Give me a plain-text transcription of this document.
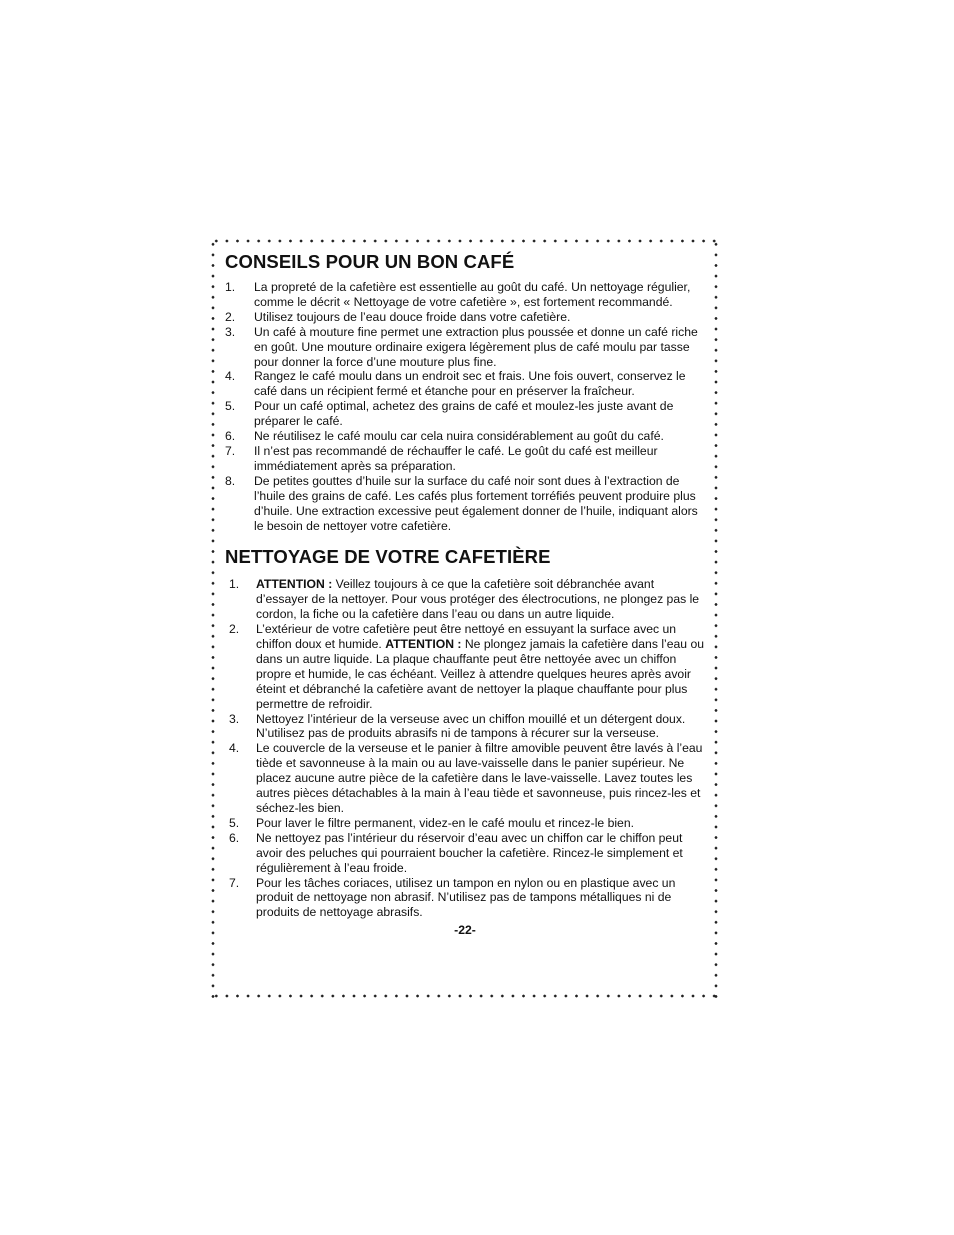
CONSEILS POUR UN BON CAFÉ
1. La propreté de la cafetière est essentielle au goût du café. Un nettoyage régulier, comme le décrit « Nettoyage de votre cafetière », est fortement recommandé.
2. Utilisez toujours de l’eau douce froide dans votre cafetière.
3. Un café à mouture fine permet une extraction plus poussée et donne un café riche en goût. Une mouture ordinaire exigera légèrement plus de café moulu par tasse pour donner la force d’une mouture plus fine.
4. Rangez le café moulu dans un endroit sec et frais. Une fois ouvert, conservez le café dans un récipient fermé et étanche pour en préserver la fraîcheur.
5. Pour un café optimal, achetez des grains de café et moulez-les juste avant de préparer le café.
6. Ne réutilisez le café moulu car cela nuira considérablement au goût du café.
7. Il n’est pas recommandé de réchauffer le café. Le goût du café est meilleur immédiatement après sa préparation.
8. De petites gouttes d’huile sur la surface du café noir sont dues à l’extraction de l’huile des grains de café. Les cafés plus fortement torréfiés peuvent produire plus d’huile. Une extraction excessive peut également donner de l’huile, indiquant alors le besoin de nettoyer votre cafetière.
NETTOYAGE DE VOTRE CAFETIÈRE
1. ATTENTION : Veillez toujours à ce que la cafetière soit débranchée avant d’essayer de la nettoyer. Pour vous protéger des électrocutions, ne plongez pas le cordon, la fiche ou la cafetière dans l’eau ou dans un autre liquide.
2. L’extérieur de votre cafetière peut être nettoyé en essuyant la surface avec un chiffon doux et humide. ATTENTION : Ne plongez jamais la cafetière dans l’eau ou dans un autre liquide. La plaque chauffante peut être nettoyée avec un chiffon propre et humide, le cas échéant. Veillez à attendre quelques heures après avoir éteint et débranché la cafetière avant de nettoyer la plaque chauffante pour plus permettre de refroidir.
3. Nettoyez l’intérieur de la verseuse avec un chiffon mouillé et un détergent doux. N’utilisez pas de produits abrasifs ni de tampons à récurer sur la verseuse.
4. Le couvercle de la verseuse et le panier à filtre amovible peuvent être lavés à l’eau tiède et savonneuse à la main ou au lave-vaisselle dans le panier supérieur. Ne placez aucune autre pièce de la cafetière dans le lave-vaisselle. Lavez toutes les autres pièces détachables à la main à l’eau tiède et savonneuse, puis rincez-les et séchez-les bien.
5. Pour laver le filtre permanent, videz-en le café moulu et rincez-le bien.
6. Ne nettoyez pas l’intérieur du réservoir d’eau avec un chiffon car le chiffon peut avoir des peluches qui pourraient boucher la cafetière. Rincez-le simplement et régulièrement à l’eau froide.
7. Pour les tâches coriaces, utilisez un tampon en nylon ou en plastique avec un produit de nettoyage non abrasif. N’utilisez pas de tampons métalliques ni de produits de nettoyage abrasifs.
-22-
